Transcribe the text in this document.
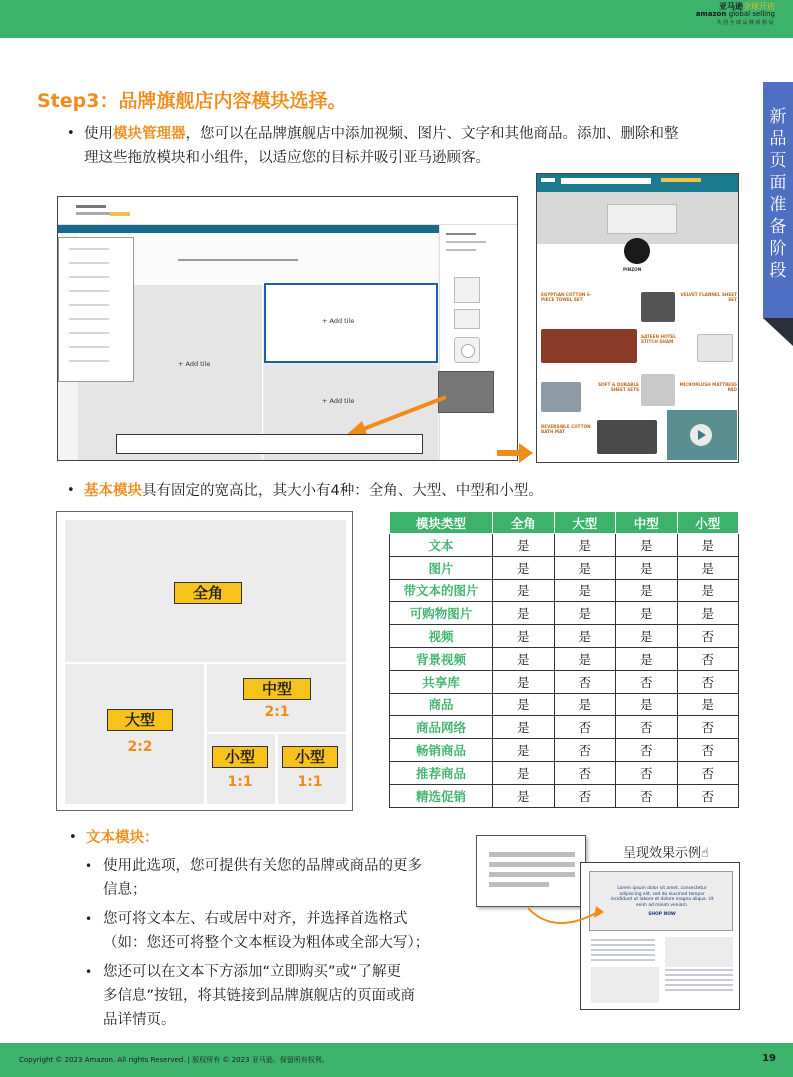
亚马逊全球开店
amazon global selling
共创全球品牌新格局
新
品
页
面
准
备
阶
段
Step3：品牌旗舰店内容模块选择。
• 使用模块管理器，您可以在品牌旗舰店中添加视频、图片、文字和其他商品。添加、删除和整
理这些拖放模块和小组件，以适应您的目标并吸引亚马逊顾客。
+ Add tile
+ Add tile
+ Add tile
PINZON
EGYPTIAN COTTON 6-PIECE TOWEL SET
VELVET FLANNEL SHEET SET
SATEEN HOTEL STITCH SHAM
SOFT & DURABLE SHEET SETS
MICROPLUSH MATTRESS PAD
REVERSIBLE COTTON BATH MAT
• 基本模块具有固定的宽高比，其大小有4种：全角、大型、中型和小型。
全角
大型
2:2
中型
2:1
小型
1:1
小型
1:1
模块类型	全角	大型	中型	小型
文本	是	是	是	是
图片	是	是	是	是
带文本的图片	是	是	是	是
可购物图片	是	是	是	是
视频	是	是	是	否
背景视频	是	是	是	否
共享库	是	否	否	否
商品	是	是	是	是
商品网络	是	否	否	否
畅销商品	是	否	否	否
推荐商品	是	否	否	否
精选促销	是	否	否	否
• 文本模块：
• 使用此选项，您可提供有关您的品牌或商品的更多
信息；
• 您可将文本左、右或居中对齐，并选择首选格式
（如：您还可将整个文本框设为粗体或全部大写）；
• 您还可以在文本下方添加“立即购买”或“了解更
多信息”按钮，将其链接到品牌旗舰店的页面或商
品详情页。
呈现效果示例☝
Lorem ipsum dolor sit amet, consectetur adipiscing elit, sed do eiusmod tempor incididunt ut labore et dolore magna aliqua. Ut enim ad minim veniam.
SHOP NOW
Copyright © 2023 Amazon. All rights Reserved. | 版权所有 © 2023 亚马逊。保留所有权利。	19
